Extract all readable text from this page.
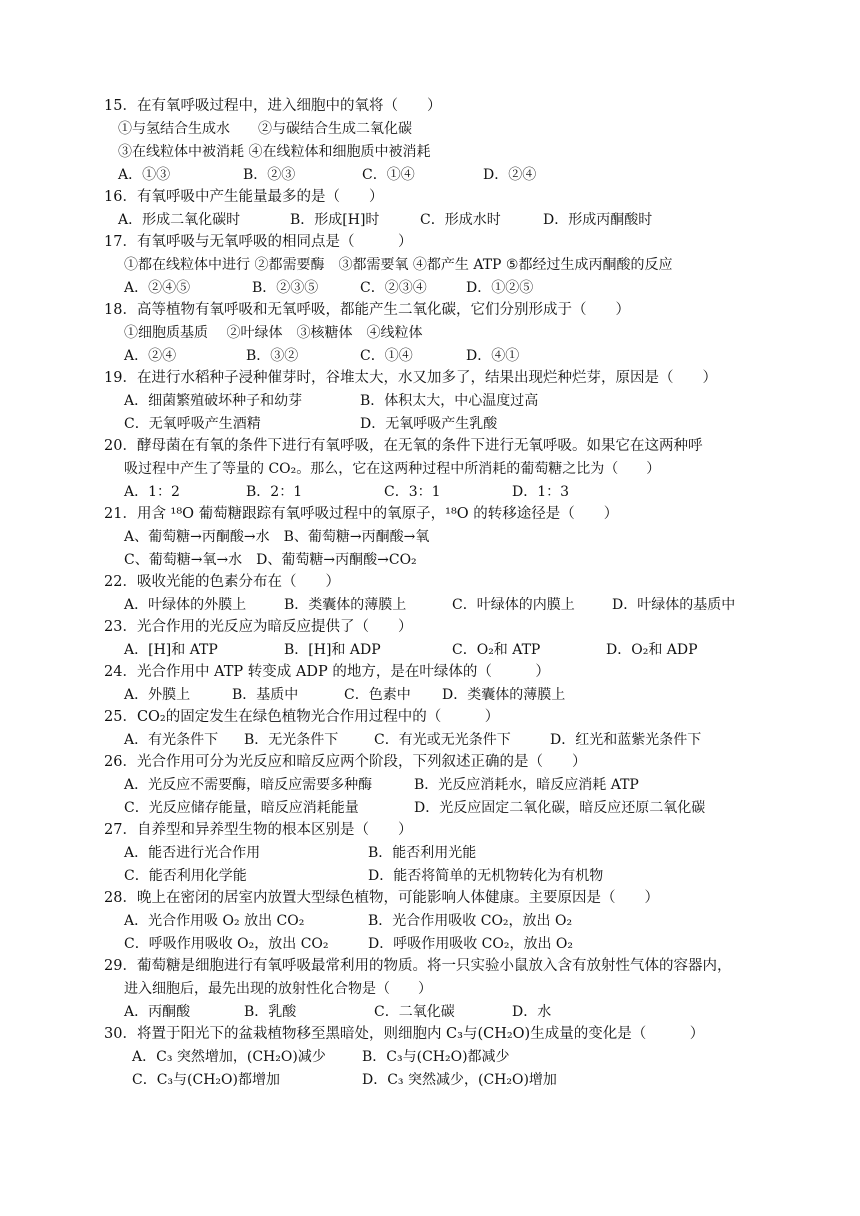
15．在有氧呼吸过程中，进入细胞中的氧将（　　）
①与氢结合生成水　　②与碳结合生成二氧化碳
③在线粒体中被消耗 ④在线粒体和细胞质中被消耗
A．①③	B．②③	C．①④	D．②④
16．有氧呼吸中产生能量最多的是（　　）
A．形成二氧化碳时	B．形成[H]时	C．形成水时	D．形成丙酮酸时
17．有氧呼吸与无氧呼吸的相同点是（　　　）
①都在线粒体中进行 ②都需要酶　③都需要氧 ④都产生 ATP ⑤都经过生成丙酮酸的反应
A．②④⑤	B．②③⑤	C．②③④	D．①②⑤
18．高等植物有氧呼吸和无氧呼吸，都能产生二氧化碳，它们分别形成于（　　）
①细胞质基质　 ②叶绿体　③核糖体　④线粒体
A．②④	B．③②	C．①④	D．④①
19．在进行水稻种子浸种催芽时，谷堆太大，水又加多了，结果出现烂种烂芽，原因是（　　）
A．细菌繁殖破坏种子和幼芽	B．体积太大，中心温度过高
C．无氧呼吸产生酒精	D．无氧呼吸产生乳酸
20．酵母菌在有氧的条件下进行有氧呼吸，在无氧的条件下进行无氧呼吸。如果它在这两种呼
吸过程中产生了等量的 CO₂。那么，它在这两种过程中所消耗的葡萄糖之比为（　　）
A．1：2	B．2：1	C．3：1	D．1：3
21．用含 ¹⁸O 葡萄糖跟踪有氧呼吸过程中的氧原子，¹⁸O 的转移途径是（　　）
A、葡萄糖→丙酮酸→水　B、葡萄糖→丙酮酸→氧
C、葡萄糖→氧→水　D、葡萄糖→丙酮酸→CO₂
22．吸收光能的色素分布在（　　）
A．叶绿体的外膜上	B．类囊体的薄膜上	C．叶绿体的内膜上	D．叶绿体的基质中
23．光合作用的光反应为暗反应提供了（　　）
A．[H]和 ATP	B．[H]和 ADP	C．O₂和 ATP	D．O₂和 ADP
24．光合作用中 ATP 转变成 ADP 的地方，是在叶绿体的（　　　）
A．外膜上	B．基质中	C．色素中 D．类囊体的薄膜上
25．CO₂的固定发生在绿色植物光合作用过程中的（　　　）
A．有光条件下 B．无光条件下	C．有光或无光条件下	D．红光和蓝紫光条件下
26．光合作用可分为光反应和暗反应两个阶段，下列叙述正确的是（　　）
A．光反应不需要酶，暗反应需要多种酶	B．光反应消耗水，暗反应消耗 ATP
C．光反应储存能量，暗反应消耗能量	D．光反应固定二氧化碳，暗反应还原二氧化碳
27．自养型和异养型生物的根本区别是（　　）
A．能否进行光合作用	B．能否利用光能
C．能否利用化学能	D．能否将简单的无机物转化为有机物
28．晚上在密闭的居室内放置大型绿色植物，可能影响人体健康。主要原因是（　　）
A．光合作用吸 O₂ 放出 CO₂	B．光合作用吸收 CO₂，放出 O₂
C．呼吸作用吸收 O₂，放出 CO₂	D．呼吸作用吸收 CO₂，放出 O₂
29．葡萄糖是细胞进行有氧呼吸最常利用的物质。将一只实验小鼠放入含有放射性气体的容器内，
进入细胞后，最先出现的放射性化合物是（　　）
A．丙酮酸	B．乳酸	C．二氧化碳	D．水
30．将置于阳光下的盆栽植物移至黑暗处，则细胞内 C₃与(CH₂O)生成量的变化是（　　　）
A．C₃ 突然增加，(CH₂O)减少	B．C₃与(CH₂O)都减少
C．C₃与(CH₂O)都增加	D．C₃ 突然减少，(CH₂O)增加
